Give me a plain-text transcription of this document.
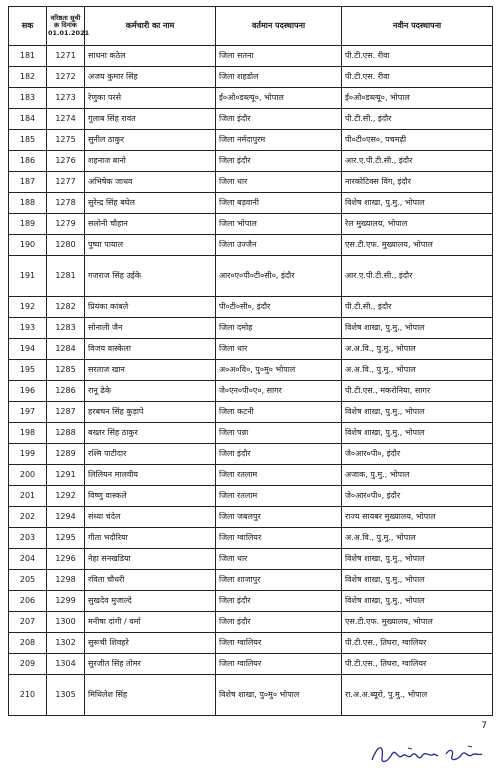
सक	वरिष्ठता सूची क्र दिनांक 01.01.2021	कर्मचारी का नाम	वर्तमान पदस्थापना	नवीन पदस्थापना
181	1271	साधना कठेल	जिला सतना	पी.टी.एस. रीवा
182	1272	अजय कुमार सिंह	जिला शहडोल	पी.टी.एस. रीवा
183	1273	रेणुका परसे	ई०ओ०डब्ल्यू०, भोपाल	ई०ओ०डब्ल्यू०, भोपाल
184	1274	गुलाब सिंह रावत	जिला इंदौर	पी.टी.सी., इंदौर
185	1275	सुनील ठाकुर	जिला नर्मदापुरम	पी०टी०एस०, पचमढ़ी
186	1276	शहनाज बानो	जिला इंदौर	आर.ए.पी.टी.सी., इंदौर
187	1277	अभिषेक जाधव	जिला धार	नारकोटिक्स विंग, इंदौर
188	1278	सुरेन्द्र सिंह बघेल	जिला बड़वानी	विशेष शाखा, पु.मु., भोपाल
189	1279	सलोनी चौहान	जिला भोपाल	रेल मुख्यालय, भोपाल
190	1280	पुष्पा पायाल	जिला उज्जैन	एस.टी.एफ. मुख्यालय, भोपाल
191	1281	गजराज सिंह उईके	आर०ए०पी०टी०सी०, इंदौर	आर.ए.पी.टी.सी., इंदौर
192	1282	प्रियंका कांबले	पी०टी०सी०, इंदौर	पी.टी.सी., इंदौर
193	1283	सोनाली जैन	जिला दमोह	विशेष शाखा, पु.मु., भोपाल
194	1284	विजय वास्केला	जिला धार	अ.अ.वि., पु.मु., भोपाल
195	1285	सरताज खान	अ०अ०वि०, पु०मु० भोपाल	अ.अ.वि., पु.मु., भोपाल
196	1286	रानू ढेके	जे०एन०पी०ए०, सागर	पी.टी.एस., मकरोनिया, सागर
197	1287	हरबचन सिंह कुड़ापे	जिला कटनी	विशेष शाखा, पु.मु., भोपाल
198	1288	बख्तर सिंह ठाकुर	जिला पन्ना	विशेष शाखा, पु.मु., भोपाल
199	1289	रश्मि पाटीदार	जिला इंदौर	जे०आर०पी०, इंदौर
200	1291	लिलियन मालवीय	जिला रतलाम	अजाक, पु.मु., भोपाल
201	1292	विष्णु वास्कले	जिला रतलाम	जे०आर०पी०, इंदौर
202	1294	संध्या चंदेल	जिला जबलपुर	राज्य सायबर मुख्यालय, भोपाल
203	1295	गीता भदौरिया	जिला ग्वालियर	अ.अ.वि., पु.मु., भोपाल
204	1296	नेहा सनखडिया	जिला धार	विशेष शाखा, पु.मु., भोपाल
205	1298	रविता चौधरी	जिला शाजापुर	विशेष शाखा, पु.मु., भोपाल
206	1299	सुखदेव मुजाल्दे	जिला इंदौर	विशेष शाखा, पु.मु., भोपाल
207	1300	मनीषा दांगी / वर्मा	जिला इंदौर	एस.टी.एफ. मुख्यालय, भोपाल
208	1302	सुरूची शिवहरे	जिला ग्वालियर	पी.टी.एस., तिघरा, ग्वालियर
209	1304	सुरजीत सिंह तोमर	जिला ग्वालियर	पी.टी.एस., तिघरा, ग्वालियर
210	1305	मिथिलेश सिंह	विशेष शाखा, पु०मु० भोपाल	रा.अ.अ.ब्यूरो, पु.मु., भोपाल
7
